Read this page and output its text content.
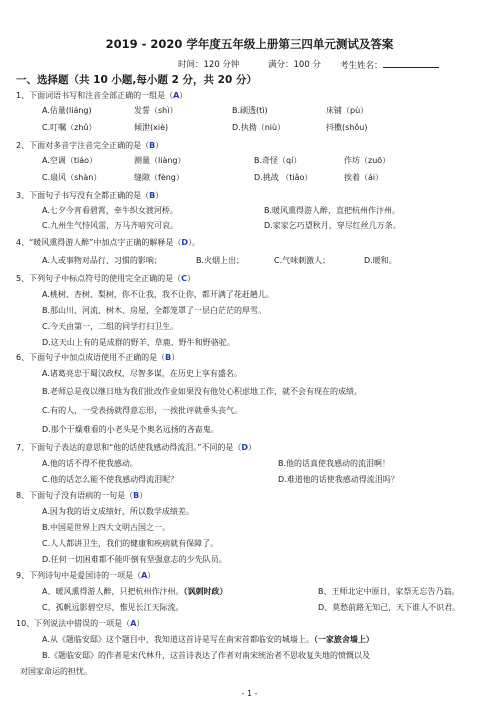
2019 - 2020 学年度五年级上册第三四单元测试及答案
时间：120 分钟	满分：100 分 考生姓名：
一、选择题（共 10 小题,每小题 2 分，共 20 分）
1、下面词语书写和注音全部正确的一组是（A）
A.估量(liáng)	发誓（shì）	B.刷透(tì)	床铺（pù）
C.叮嘱（zhǔ）	倾泄(xiè)	D.执拗（niù）	抖擞(shǒu)
2、下面对多音字注音完全正确的是（B）
A.空调（tiáo）	测量（liàng）	B.奇怪（qí）	作坊（zuō）
C.扇风（shàn）	缝隙（fèng）	D.挑战 （tiǎo）	挨着（ái）
3、下面句子书写没有全都正确的是（B）
A.七夕今宵看碧霄，牵牛织女渡河桥。	B.暖风熏得游人醉，直把杭州作汴州。
C.九州生气恃风雷，万马齐喑究可哀。	D.家家乞巧望秋月，穿尽红丝几万条。
4、“暖风熏得游人醉”中加点字正确的解释是（D）。
A.人或事物对品行、习惯的影响；	B.火烟上出；	C.气味刺激人；	D.暖和。
5、下列句子中标点符号的使用完全正确的是（C）
A.桃树、杏树、梨树，你不让我，我不让你，都开满了花赶趟儿。
B.那山川、河流、树木、房屋，全都笼罩了一层白茫茫的厚雪。
C.今天由第一，二组的同学打扫卫生。
D.这天山上有的是成群的野羊、草鹿、野牛和野骆驼。
6、下面句子中加点成语使用不正确的是（B）
A.诸葛亮忠于蜀汉政权，尽智多谋，在历史上享有盛名。
B.老师总是夜以继日地为我们批改作业如果没有他处心积虑地工作，就不会有现在的成绩。
C.有的人，一受表扬就得意忘形，一挨批评就垂头丧气。
D.那个干燥难看的小老头是个奥名远扬的吝啬鬼。
7、下面句子表达的意思和“他的话使我感动得流泪。”不同的是（D）
A.他的话不得不使我感动。	B.他的话真使我感动的流泪啊！
C.他的话怎么能不使我感动得流泪呢？	D.难道他的话使我感动得流泪吗？
8、下面句子没有语病的一句是（B）
A.因为我的语文成绩好，所以数学成绩差。
B.中国是世界上四大文明古国之一。
C.人人都讲卫生，我们的健康和疾病就有保障了。
D.任何一切困难都不能吓倒有坚强意志的少先队员。
9、下列诗句中是爱国诗的一项是（A）
A、暖风熏得游人醉，只把杭州作汴州。（讽刺时政）	B、王师北定中原日，家祭无忘告乃翁。
C、孤帆远影碧空尽，惟见长江天际流。	D、莫愁前路无知己，天下谁人不识君。
10、下列说法中错误的一项是（A）
A.从《题临安邸》这个题目中，我知道这首诗是写在南宋首都临安的城墙上。（一家旅舍墙上）
B.《题临安邸》的作者是宋代林升，这首诗表达了作者对南宋统治者不思收复失地的愤慨以及
对国家命运的担忧。
- 1 -
